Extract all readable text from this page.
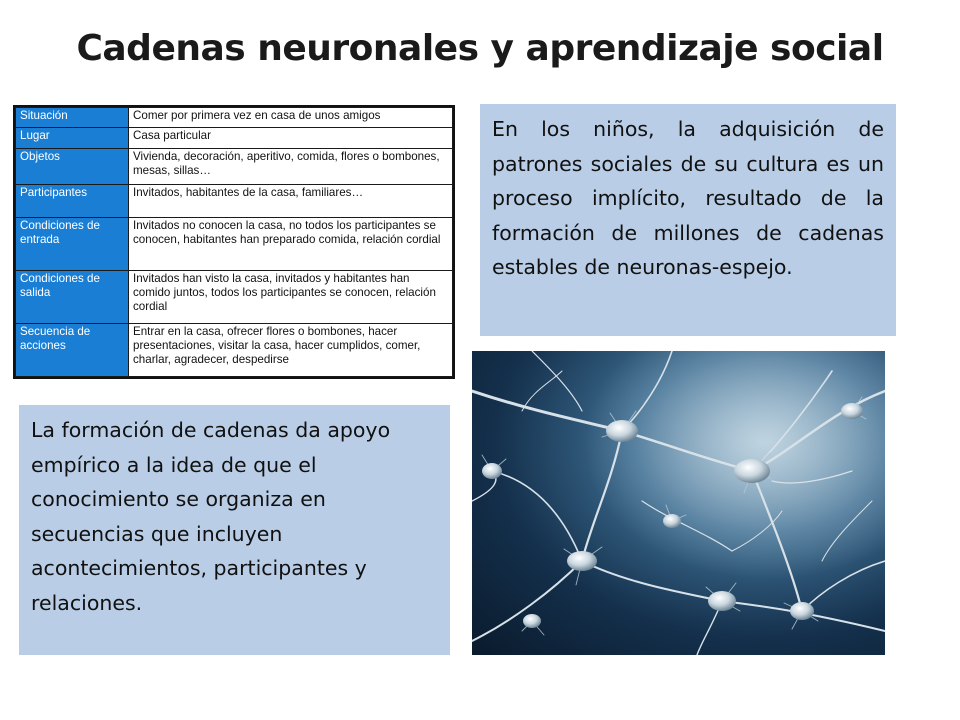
Cadenas neuronales y aprendizaje social
Situación	Comer por primera vez en casa de unos amigos
Lugar	Casa particular
Objetos	Vivienda, decoración, aperitivo, comida, flores o bombones, mesas, sillas…
Participantes	Invitados, habitantes de la casa, familiares…
Condiciones de entrada	Invitados no conocen la casa, no todos los participantes se conocen, habitantes han preparado comida, relación cordial
Condiciones de salida	Invitados han visto la casa, invitados y habitantes han comido juntos, todos los participantes se conocen, relación cordial
Secuencia de acciones	Entrar en la casa, ofrecer flores o bombones, hacer presentaciones, visitar la casa, hacer cumplidos, comer, charlar, agradecer, despedirse
En los niños, la adquisición de patrones sociales de su cultura es un proceso implícito, resultado de la formación de millones de cadenas estables de neuronas-espejo.
La formación de cadenas da apoyo empírico a la idea de que el conocimiento se organiza en secuencias que incluyen acontecimientos, participantes y relaciones.
